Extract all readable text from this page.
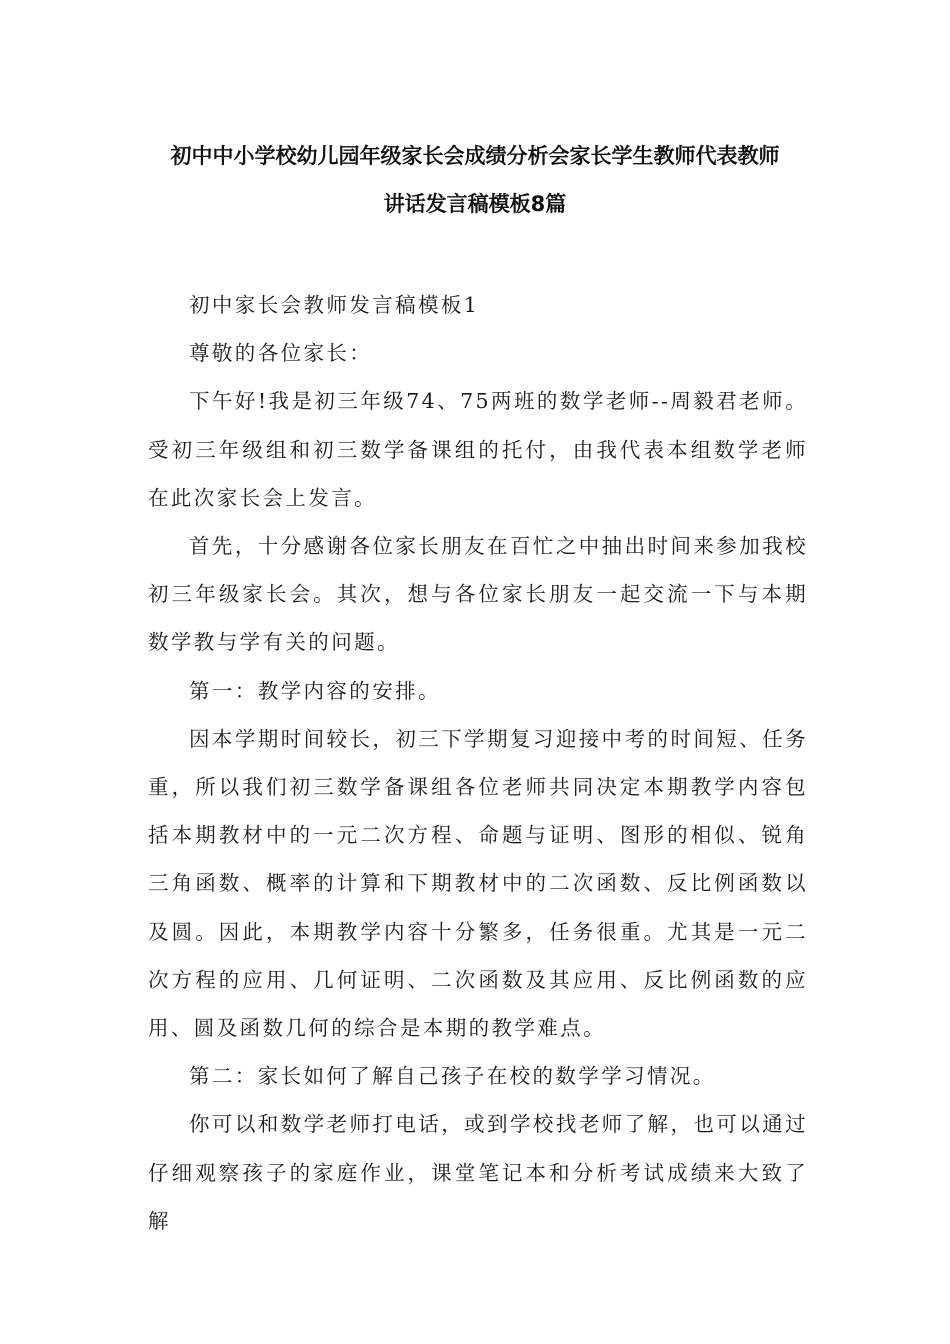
初中中小学校幼儿园年级家长会成绩分析会家长学生教师代表教师
讲话发言稿模板8篇

初中家长会教师发言稿模板1

尊敬的各位家长：

下午好!我是初三年级74、75两班的数学老师--周毅君老师。受初三年级组和初三数学备课组的托付，由我代表本组数学老师在此次家长会上发言。

首先，十分感谢各位家长朋友在百忙之中抽出时间来参加我校初三年级家长会。其次，想与各位家长朋友一起交流一下与本期数学教与学有关的问题。

第一：教学内容的安排。

因本学期时间较长，初三下学期复习迎接中考的时间短、任务重，所以我们初三数学备课组各位老师共同决定本期教学内容包括本期教材中的一元二次方程、命题与证明、图形的相似、锐角三角函数、概率的计算和下期教材中的二次函数、反比例函数以及圆。因此，本期教学内容十分繁多，任务很重。尤其是一元二次方程的应用、几何证明、二次函数及其应用、反比例函数的应用、圆及函数几何的综合是本期的教学难点。

第二：家长如何了解自己孩子在校的数学学习情况。

你可以和数学老师打电话，或到学校找老师了解，也可以通过仔细观察孩子的家庭作业，课堂笔记本和分析考试成绩来大致了解
